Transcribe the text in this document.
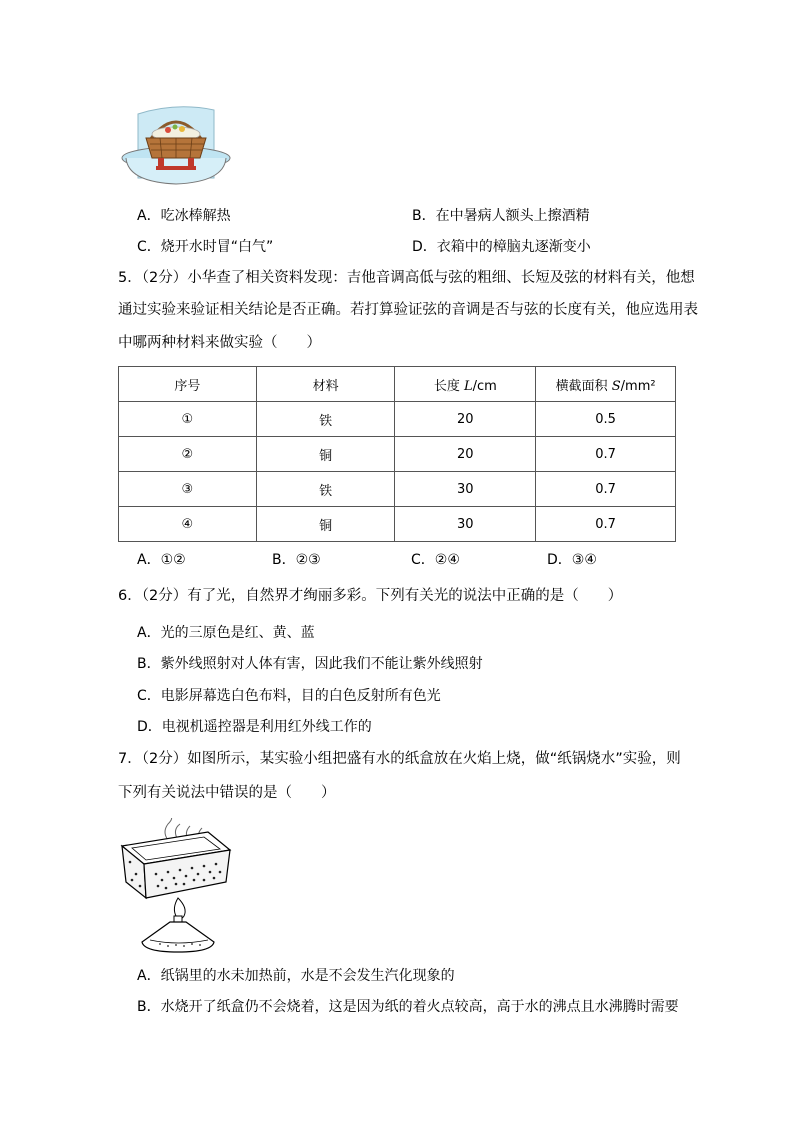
A．吃冰棒解热	B．在中暑病人额头上擦酒精
C．烧开水时冒“白气”	D．衣箱中的樟脑丸逐渐变小
5．（2分）小华查了相关资料发现：吉他音调高低与弦的粗细、长短及弦的材料有关，他想
通过实验来验证相关结论是否正确。若打算验证弦的音调是否与弦的长度有关，他应选用表
中哪两种材料来做实验（　　）
序号	材料	长度 L/cm	横截面积 S/mm²
①	铁	20	0.5
②	铜	20	0.7
③	铁	30	0.7
④	铜	30	0.7
A．①②	B．②③	C．②④	D．③④
6．（2分）有了光，自然界才绚丽多彩。下列有关光的说法中正确的是（　　）
A．光的三原色是红、黄、蓝
B．紫外线照射对人体有害，因此我们不能让紫外线照射
C．电影屏幕选白色布料，目的白色反射所有色光
D．电视机遥控器是利用红外线工作的
7．（2分）如图所示，某实验小组把盛有水的纸盒放在火焰上烧，做“纸锅烧水”实验，则
下列有关说法中错误的是（　　）
A．纸锅里的水未加热前，水是不会发生汽化现象的
B．水烧开了纸盒仍不会烧着，这是因为纸的着火点较高，高于水的沸点且水沸腾时需要
